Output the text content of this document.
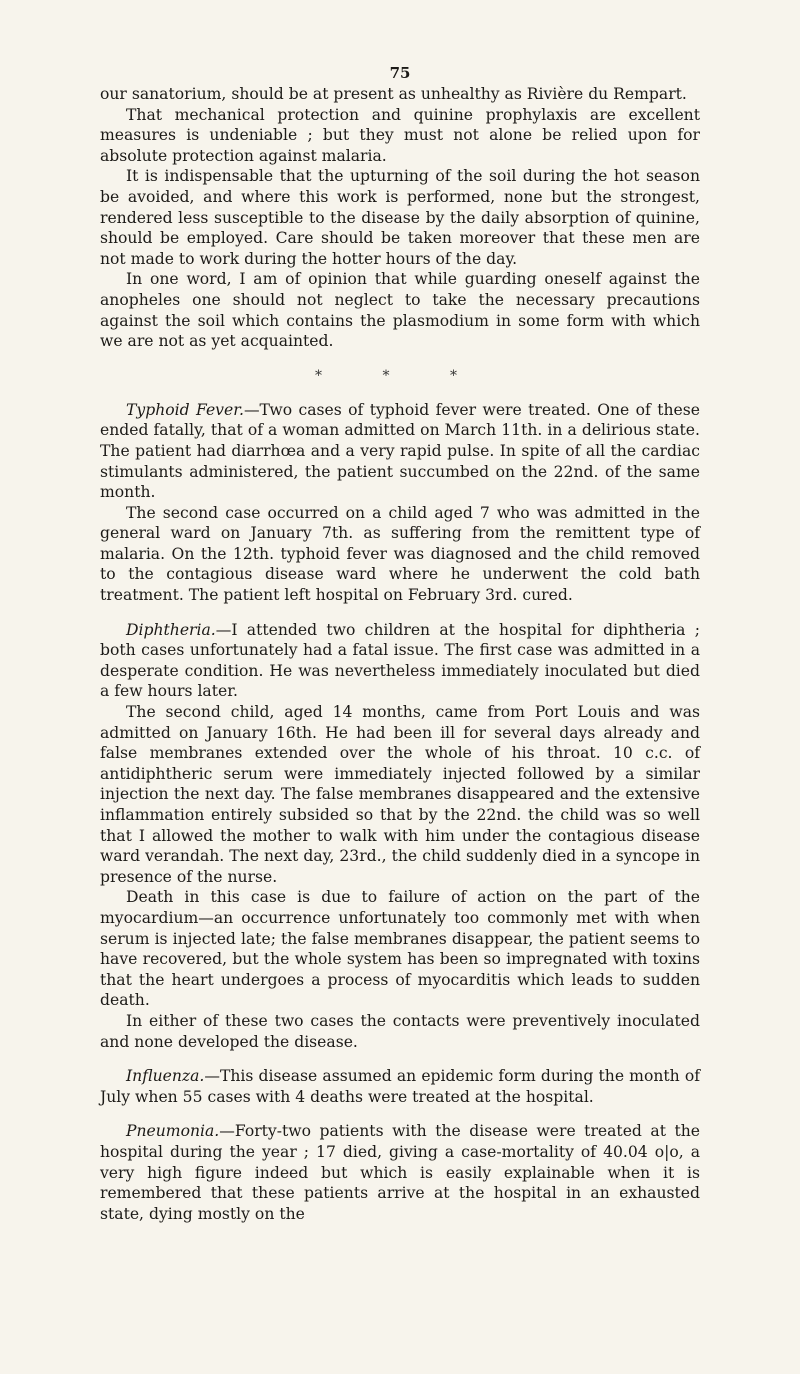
75

our sanatorium, should be at present as unhealthy as Rivière du Rempart.

That mechanical protection and quinine prophylaxis are excellent measures is undeniable ; but they must not alone be relied upon for absolute protection against malaria.

It is indispensable that the upturning of the soil during the hot season be avoided, and where this work is performed, none but the strongest, rendered less susceptible to the disease by the daily absorption of quinine, should be employed. Care should be taken moreover that these men are not made to work during the hotter hours of the day.

In one word, I am of opinion that while guarding oneself against the anopheles one should not neglect to take the necessary precautions against the soil which contains the plasmodium in some form with which we are not as yet acquainted.

* * *

Typhoid Fever.—Two cases of typhoid fever were treated. One of these ended fatally, that of a woman admitted on March 11th. in a delirious state. The patient had diarrhœa and a very rapid pulse. In spite of all the cardiac stimulants administered, the patient succumbed on the 22nd. of the same month.

The second case occurred on a child aged 7 who was admitted in the general ward on January 7th. as suffering from the remittent type of malaria. On the 12th. typhoid fever was diagnosed and the child removed to the contagious disease ward where he underwent the cold bath treatment. The patient left hospital on February 3rd. cured.

Diphtheria.—I attended two children at the hospital for diphtheria ; both cases unfortunately had a fatal issue. The first case was admitted in a desperate condition. He was nevertheless immediately inoculated but died a few hours later.

The second child, aged 14 months, came from Port Louis and was admitted on January 16th. He had been ill for several days already and false membranes extended over the whole of his throat. 10 c.c. of antidiphtheric serum were immediately injected followed by a similar injection the next day. The false membranes disappeared and the extensive inflammation entirely subsided so that by the 22nd. the child was so well that I allowed the mother to walk with him under the contagious disease ward verandah. The next day, 23rd., the child suddenly died in a syncope in presence of the nurse.

Death in this case is due to failure of action on the part of the myocardium—an occurrence unfortunately too commonly met with when serum is injected late; the false membranes disappear, the patient seems to have recovered, but the whole system has been so impregnated with toxins that the heart undergoes a process of myocarditis which leads to sudden death.

In either of these two cases the contacts were preventively inoculated and none developed the disease.

Influenza.—This disease assumed an epidemic form during the month of July when 55 cases with 4 deaths were treated at the hospital.

Pneumonia.—Forty-two patients with the disease were treated at the hospital during the year ; 17 died, giving a case-mortality of 40.04 o|o, a very high figure indeed but which is easily explainable when it is remembered that these patients arrive at the hospital in an exhausted state, dying mostly on the
